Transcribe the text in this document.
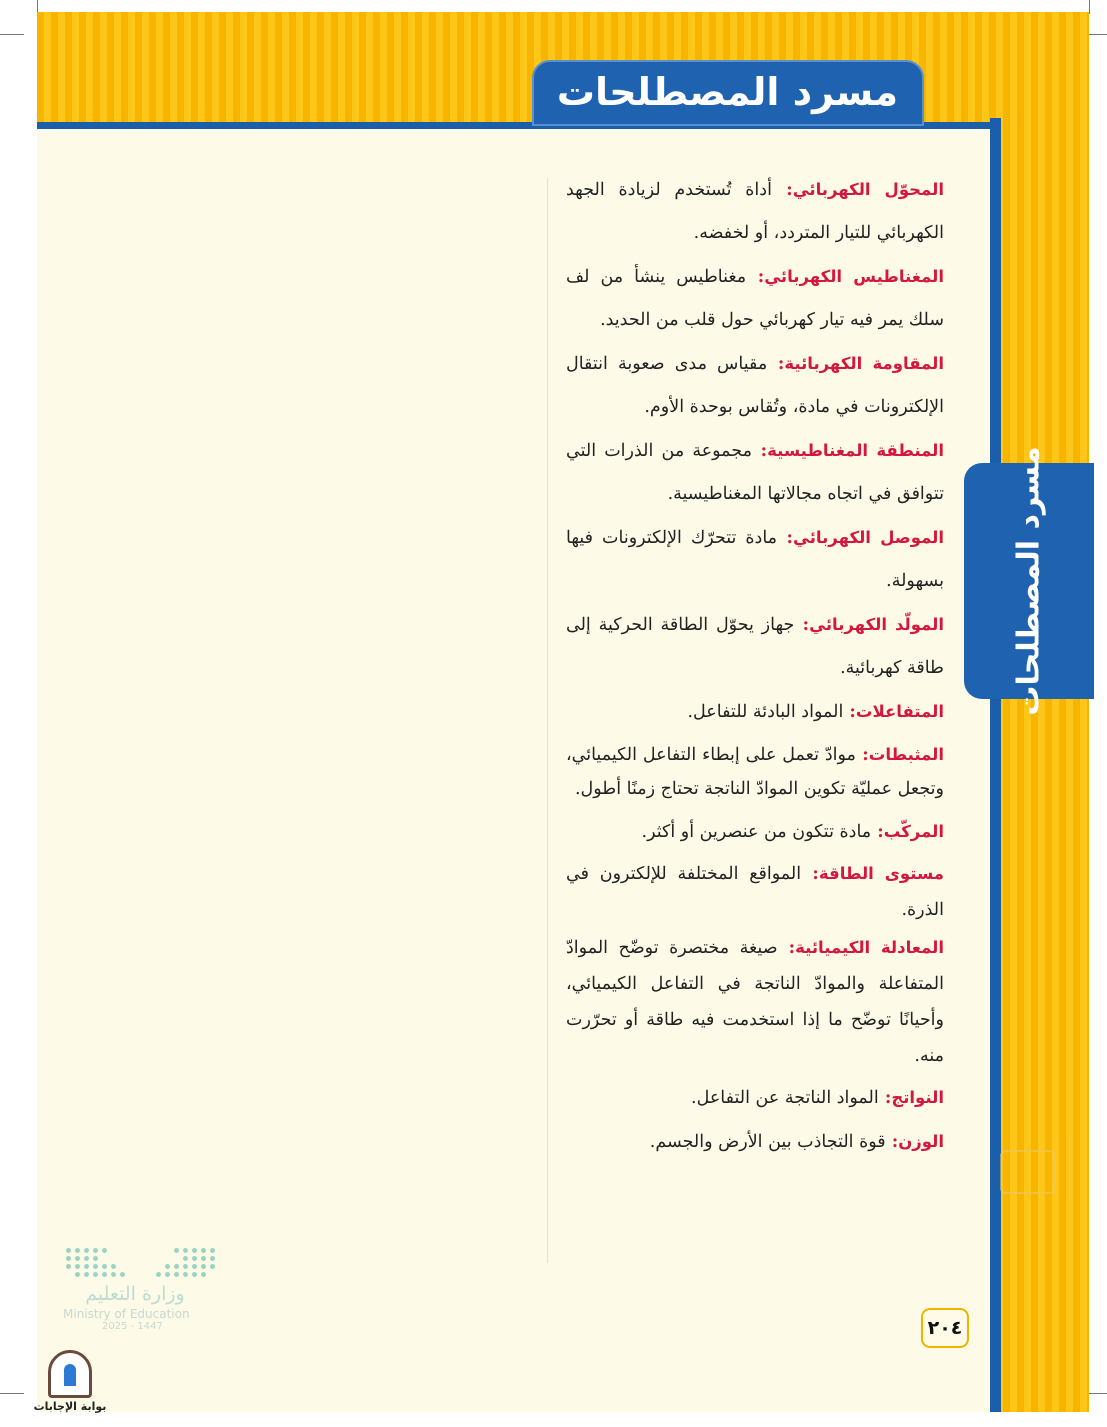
مسرد المصطلحات
مسرد المصطلحات

المحوّل الكهربائي: أداة تُستخدم لزيادة الجهد الكهربائي للتيار المتردد، أو لخفضه.

المغناطيس الكهربائي: مغناطيس ينشأ من لف سلك يمر فيه تيار كهربائي حول قلب من الحديد.

المقاومة الكهربائية: مقياس مدى صعوبة انتقال الإلكترونات في مادة، وتُقاس بوحدة الأوم.

المنطقة المغناطيسية: مجموعة من الذرات التي تتوافق في اتجاه مجالاتها المغناطيسية.

الموصل الكهربائي: مادة تتحرّك الإلكترونات فيها بسهولة.

المولّد الكهربائي: جهاز يحوّل الطاقة الحركية إلى طاقة كهربائية.

المتفاعلات: المواد البادئة للتفاعل.

المثبطات: موادّ تعمل على إبطاء التفاعل الكيميائي، وتجعل عمليّة تكوين الموادّ الناتجة تحتاج زمنًا أطول.

المركّب: مادة تتكون من عنصرين أو أكثر.

مستوى الطاقة: المواقع المختلفة للإلكترون في الذرة.

المعادلة الكيميائية: صيغة مختصرة توضّح الموادّ المتفاعلة والموادّ الناتجة في التفاعل الكيميائي، وأحيانًا توضّح ما إذا استخدمت فيه طاقة أو تحرّرت منه.

النواتج: المواد الناتجة عن التفاعل.

الوزن: قوة التجاذب بين الأرض والجسم.

٢٠٤
وزارة التعليم
Ministry of Education
2025 - 1447
بوابة الإجابات
